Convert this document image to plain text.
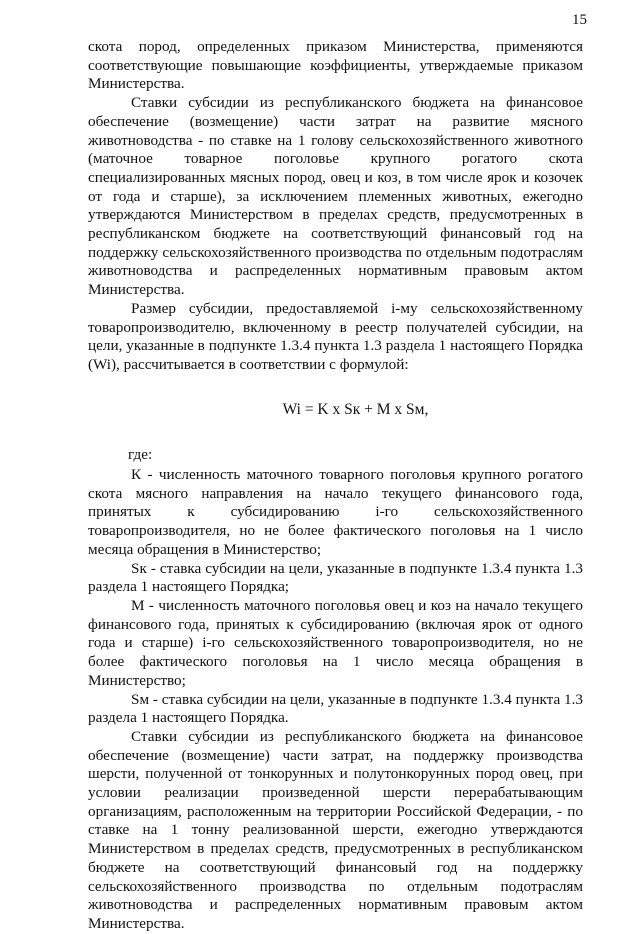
15

скота пород, определенных приказом Министерства, применяются соответствующие повышающие коэффициенты, утверждаемые приказом Министерства.

Ставки субсидии из республиканского бюджета на финансовое обеспечение (возмещение) части затрат на развитие мясного животноводства - по ставке на 1 голову сельскохозяйственного животного (маточное товарное поголовье крупного рогатого скота специализированных мясных пород, овец и коз, в том числе ярок и козочек от года и старше), за исключением племенных животных, ежегодно утверждаются Министерством в пределах средств, предусмотренных в республиканском бюджете на соответствующий финансовый год на поддержку сельскохозяйственного производства по отдельным подотраслям животноводства и распределенных нормативным правовым актом Министерства.

Размер субсидии, предоставляемой i-му сельскохозяйственному товаропроизводителю, включенному в реестр получателей субсидии, на цели, указанные в подпункте 1.3.4 пункта 1.3 раздела 1 настоящего Порядка (Wi), рассчитывается в соответствии с формулой:

Wi = K x Sк + M x Sм,

где:

К - численность маточного товарного поголовья крупного рогатого скота мясного направления на начало текущего финансового года, принятых к субсидированию i-го сельскохозяйственного товаропроизводителя, но не более фактического поголовья на 1 число месяца обращения в Министерство;

Sк - ставка субсидии на цели, указанные в подпункте 1.3.4 пункта 1.3 раздела 1 настоящего Порядка;

М - численность маточного поголовья овец и коз на начало текущего финансового года, принятых к субсидированию (включая ярок от одного года и старше) i-го сельскохозяйственного товаропроизводителя, но не более фактического поголовья на 1 число месяца обращения в Министерство;

Sм - ставка субсидии на цели, указанные в подпункте 1.3.4 пункта 1.3 раздела 1 настоящего Порядка.

Ставки субсидии из республиканского бюджета на финансовое обеспечение (возмещение) части затрат, на поддержку производства шерсти, полученной от тонкорунных и полутонкорунных пород овец, при условии реализации произведенной шерсти перерабатывающим организациям, расположенным на территории Российской Федерации, - по ставке на 1 тонну реализованной шерсти, ежегодно утверждаются Министерством в пределах средств, предусмотренных в республиканском бюджете на соответствующий финансовый год на поддержку сельскохозяйственного производства по отдельным подотраслям животноводства и распределенных нормативным правовым актом Министерства.
